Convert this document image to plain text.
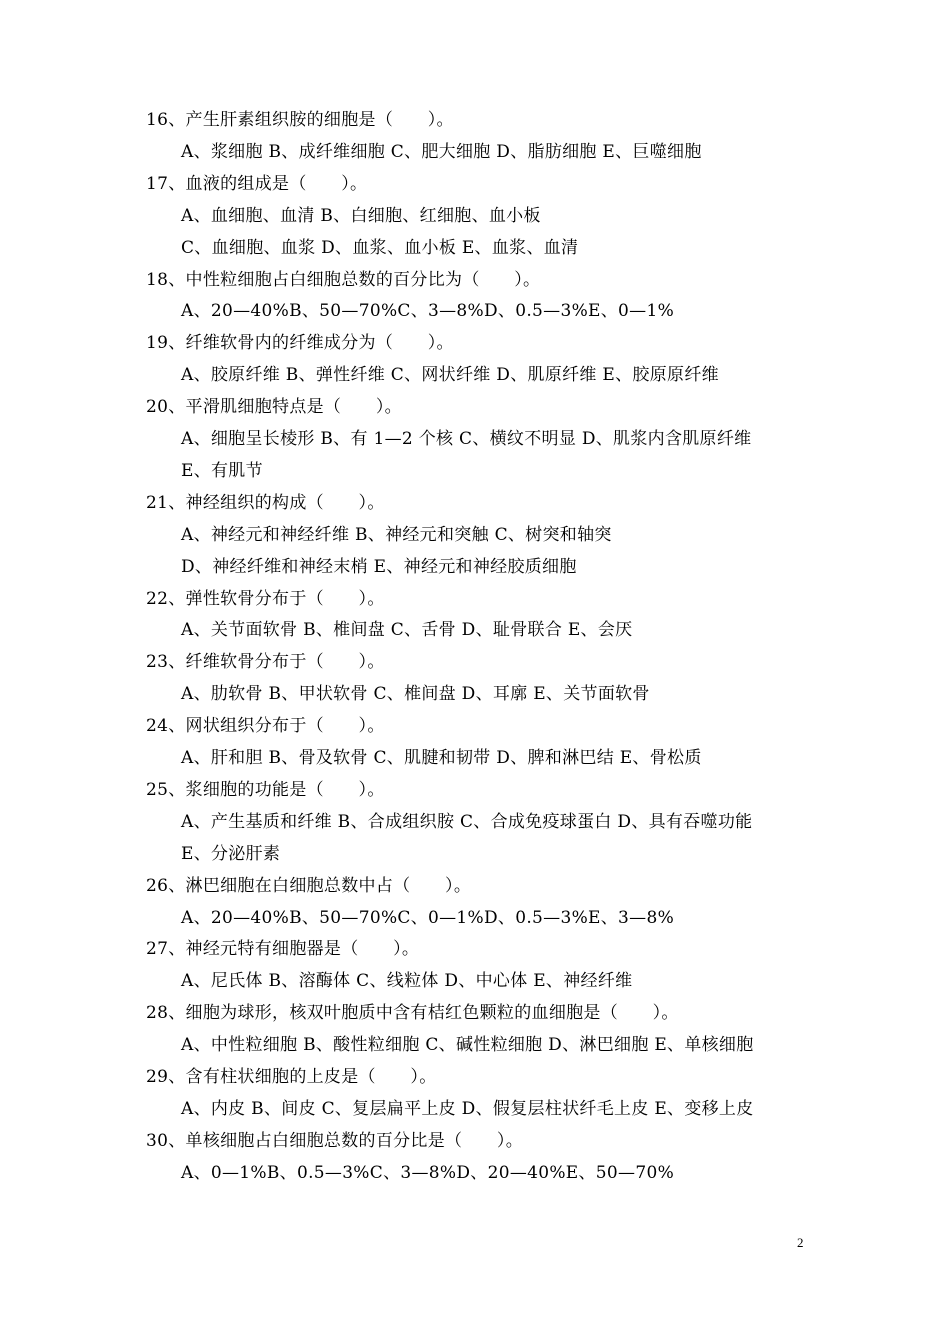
16、产生肝素组织胺的细胞是（　　）。
A、浆细胞 B、成纤维细胞 C、肥大细胞 D、脂肪细胞 E、巨噬细胞
17、血液的组成是（　　）。
A、血细胞、血清 B、白细胞、红细胞、血小板
C、血细胞、血浆 D、血浆、血小板 E、血浆、血清
18、中性粒细胞占白细胞总数的百分比为（　　）。
A、20—40%B、50—70%C、3—8%D、0.5—3%E、0—1%
19、纤维软骨内的纤维成分为（　　）。
A、胶原纤维 B、弹性纤维 C、网状纤维 D、肌原纤维 E、胶原原纤维
20、平滑肌细胞特点是（　　）。
A、细胞呈长棱形 B、有 1—2 个核 C、横纹不明显 D、肌浆内含肌原纤维
E、有肌节
21、神经组织的构成（　　）。
A、神经元和神经纤维 B、神经元和突触 C、树突和轴突
D、神经纤维和神经末梢 E、神经元和神经胶质细胞
22、弹性软骨分布于（　　）。
A、关节面软骨 B、椎间盘 C、舌骨 D、耻骨联合 E、会厌
23、纤维软骨分布于（　　）。
A、肋软骨 B、甲状软骨 C、椎间盘 D、耳廓 E、关节面软骨
24、网状组织分布于（　　）。
A、肝和胆 B、骨及软骨 C、肌腱和韧带 D、脾和淋巴结 E、骨松质
25、浆细胞的功能是（　　）。
A、产生基质和纤维 B、合成组织胺 C、合成免疫球蛋白 D、具有吞噬功能
E、分泌肝素
26、淋巴细胞在白细胞总数中占（　　）。
A、20—40%B、50—70%C、0—1%D、0.5—3%E、3—8%
27、神经元特有细胞器是（　　）。
A、尼氏体 B、溶酶体 C、线粒体 D、中心体 E、神经纤维
28、细胞为球形，核双叶胞质中含有桔红色颗粒的血细胞是（　　）。
A、中性粒细胞 B、酸性粒细胞 C、碱性粒细胞 D、淋巴细胞 E、单核细胞
29、含有柱状细胞的上皮是（　　）。
A、内皮 B、间皮 C、复层扁平上皮 D、假复层柱状纤毛上皮 E、变移上皮
30、单核细胞占白细胞总数的百分比是（　　）。
A、0—1%B、0.5—3%C、3—8%D、20—40%E、50—70%
2
